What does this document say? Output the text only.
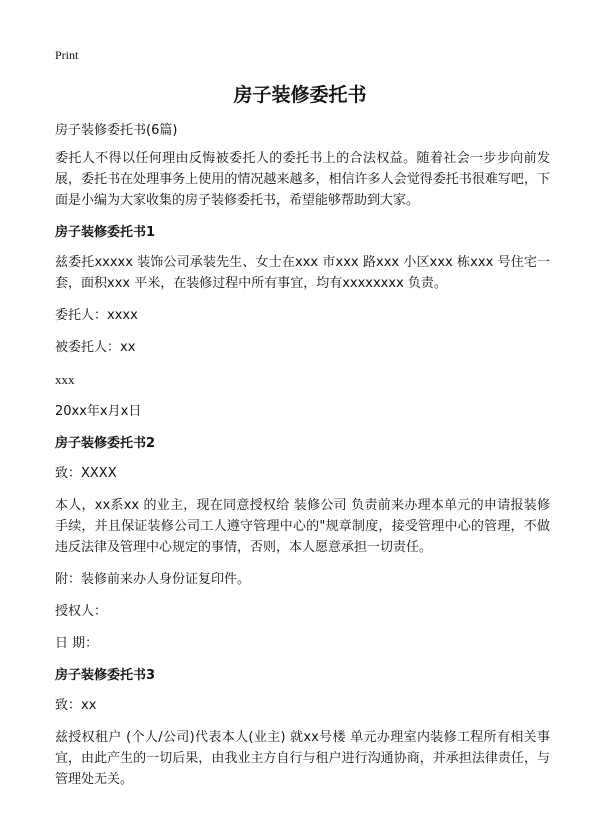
Print
房子装修委托书

房子装修委托书(6篇)

委托人不得以任何理由反悔被委托人的委托书上的合法权益。随着社会一步步向前发展，委托书在处理事务上使用的情况越来越多，相信许多人会觉得委托书很难写吧，下面是小编为大家收集的房子装修委托书，希望能够帮助到大家。

房子装修委托书1

兹委托xxxxx 装饰公司承装先生、女士在xxx 市xxx 路xxx 小区xxx 栋xxx 号住宅一套，面积xxx 平米，在装修过程中所有事宜，均有xxxxxxxx 负责。

委托人：xxxx

被委托人：xx

xxx

20xx年x月x日

房子装修委托书2

致：XXXX

本人，xx系xx 的业主，现在同意授权给 装修公司 负责前来办理本单元的申请报装修手续，并且保证装修公司工人遵守管理中心的"规章制度，接受管理中心的管理，不做违反法律及管理中心规定的事情，否则，本人愿意承担一切责任。

附：装修前来办人身份证复印件。

授权人：

日 期：

房子装修委托书3

致：xx

兹授权租户 (个人/公司)代表本人(业主) 就xx号楼 单元办理室内装修工程所有相关事宜，由此产生的一切后果，由我业主方自行与租户进行沟通协商，并承担法律责任，与管理处无关。
